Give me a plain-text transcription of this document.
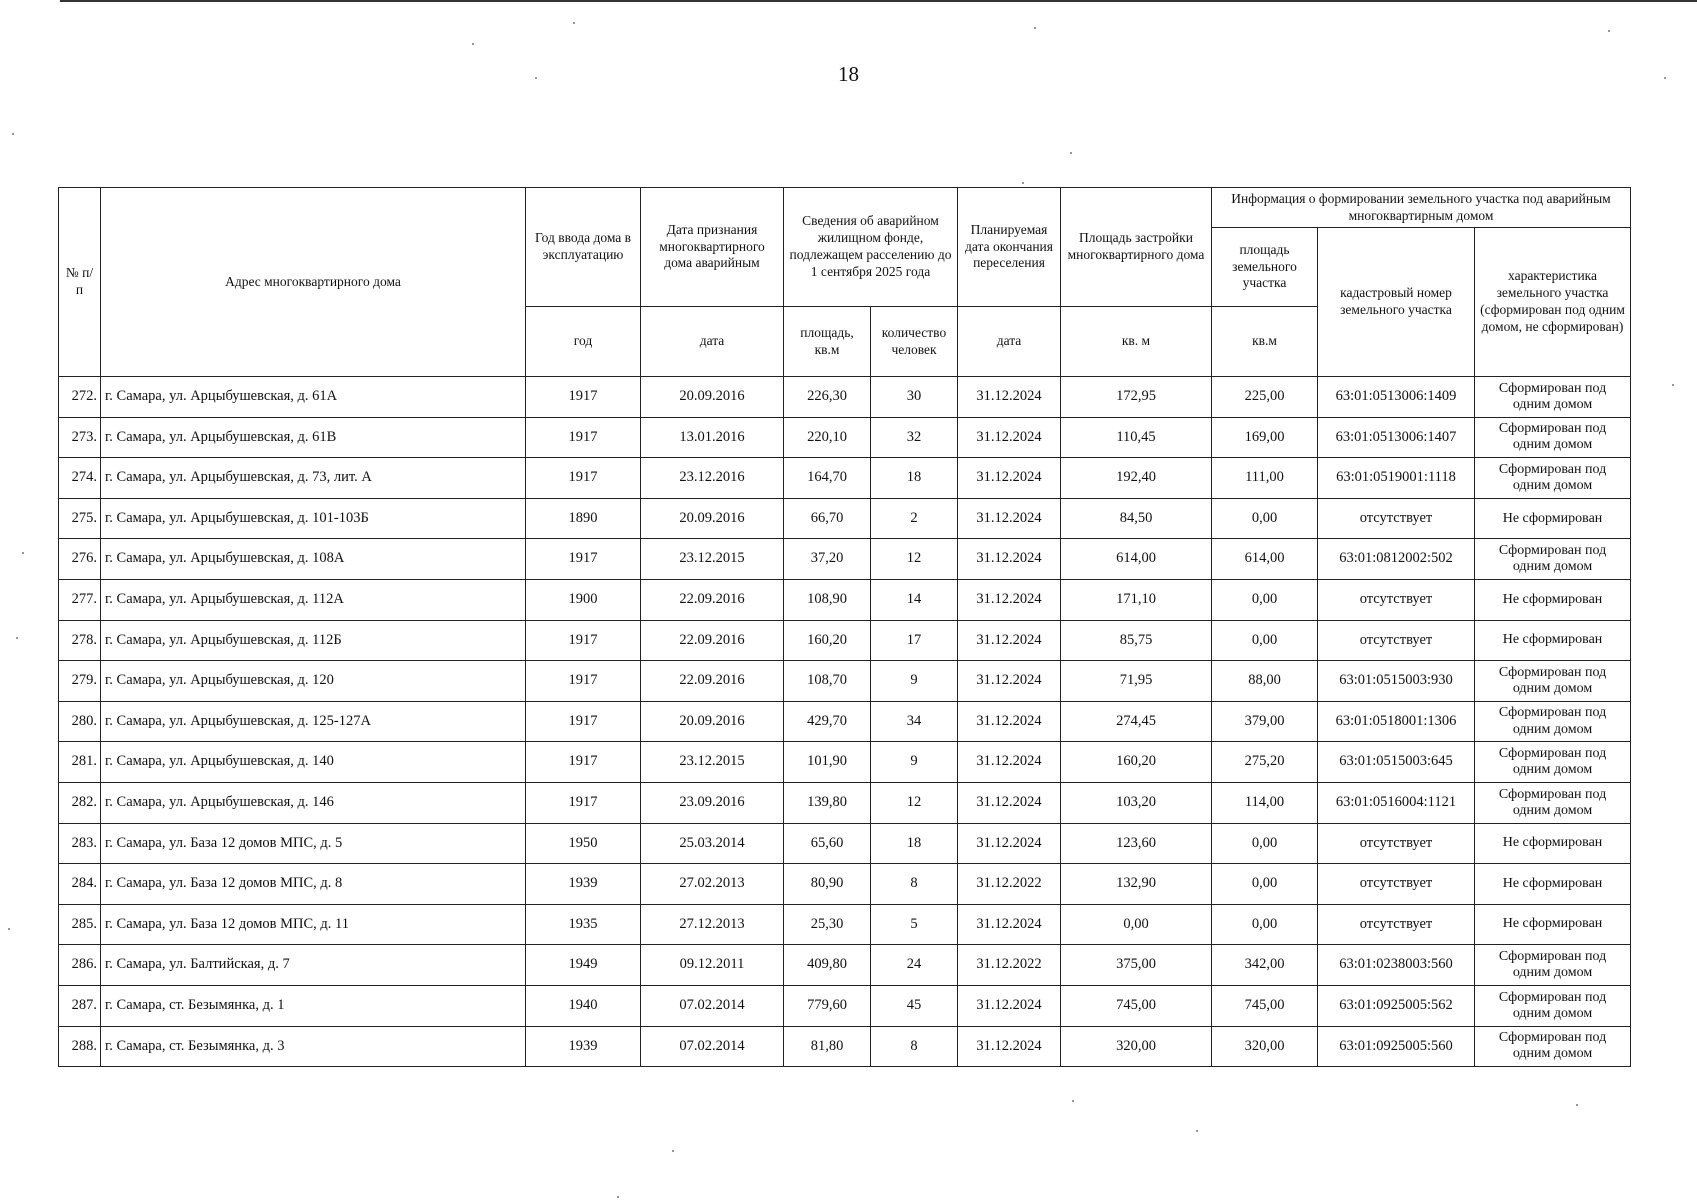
18
№ п/п	Адрес многоквартирного дома	Год ввода дома в эксплуатацию	Дата признания многоквартирного дома аварийным	Сведения об аварийном жилищном фонде, подлежащем расселению до 1 сентября 2025 года		Планируемая дата окончания переселения	Площадь застройки многоквартирного дома	Информация о формировании земельного участка под аварийным многоквартирным домом		
								площадь земельного участка	кадастровый номер земельного участка	характеристика земельного участка (сформирован под одним домом, не сформирован)
		год	дата	площадь, кв.м	количество человек	дата	кв. м	кв.м		
272.	г. Самара, ул. Арцыбушевская, д. 61А	1917	20.09.2016	226,30	30	31.12.2024	172,95	225,00	63:01:0513006:1409	Сформирован под одним домом
273.	г. Самара, ул. Арцыбушевская, д. 61В	1917	13.01.2016	220,10	32	31.12.2024	110,45	169,00	63:01:0513006:1407	Сформирован под одним домом
274.	г. Самара, ул. Арцыбушевская, д. 73, лит. А	1917	23.12.2016	164,70	18	31.12.2024	192,40	111,00	63:01:0519001:1118	Сформирован под одним домом
275.	г. Самара, ул. Арцыбушевская, д. 101-103Б	1890	20.09.2016	66,70	2	31.12.2024	84,50	0,00	отсутствует	Не сформирован
276.	г. Самара, ул. Арцыбушевская, д. 108А	1917	23.12.2015	37,20	12	31.12.2024	614,00	614,00	63:01:0812002:502	Сформирован под одним домом
277.	г. Самара, ул. Арцыбушевская, д. 112А	1900	22.09.2016	108,90	14	31.12.2024	171,10	0,00	отсутствует	Не сформирован
278.	г. Самара, ул. Арцыбушевская, д. 112Б	1917	22.09.2016	160,20	17	31.12.2024	85,75	0,00	отсутствует	Не сформирован
279.	г. Самара, ул. Арцыбушевская, д. 120	1917	22.09.2016	108,70	9	31.12.2024	71,95	88,00	63:01:0515003:930	Сформирован под одним домом
280.	г. Самара, ул. Арцыбушевская, д. 125-127А	1917	20.09.2016	429,70	34	31.12.2024	274,45	379,00	63:01:0518001:1306	Сформирован под одним домом
281.	г. Самара, ул. Арцыбушевская, д. 140	1917	23.12.2015	101,90	9	31.12.2024	160,20	275,20	63:01:0515003:645	Сформирован под одним домом
282.	г. Самара, ул. Арцыбушевская, д. 146	1917	23.09.2016	139,80	12	31.12.2024	103,20	114,00	63:01:0516004:1121	Сформирован под одним домом
283.	г. Самара, ул. База 12 домов МПС, д. 5	1950	25.03.2014	65,60	18	31.12.2024	123,60	0,00	отсутствует	Не сформирован
284.	г. Самара, ул. База 12 домов МПС, д. 8	1939	27.02.2013	80,90	8	31.12.2022	132,90	0,00	отсутствует	Не сформирован
285.	г. Самара, ул. База 12 домов МПС, д. 11	1935	27.12.2013	25,30	5	31.12.2024	0,00	0,00	отсутствует	Не сформирован
286.	г. Самара, ул. Балтийская, д. 7	1949	09.12.2011	409,80	24	31.12.2022	375,00	342,00	63:01:0238003:560	Сформирован под одним домом
287.	г. Самара, ст. Безымянка, д. 1	1940	07.02.2014	779,60	45	31.12.2024	745,00	745,00	63:01:0925005:562	Сформирован под одним домом
288.	г. Самара, ст. Безымянка, д. 3	1939	07.02.2014	81,80	8	31.12.2024	320,00	320,00	63:01:0925005:560	Сформирован под одним домом
